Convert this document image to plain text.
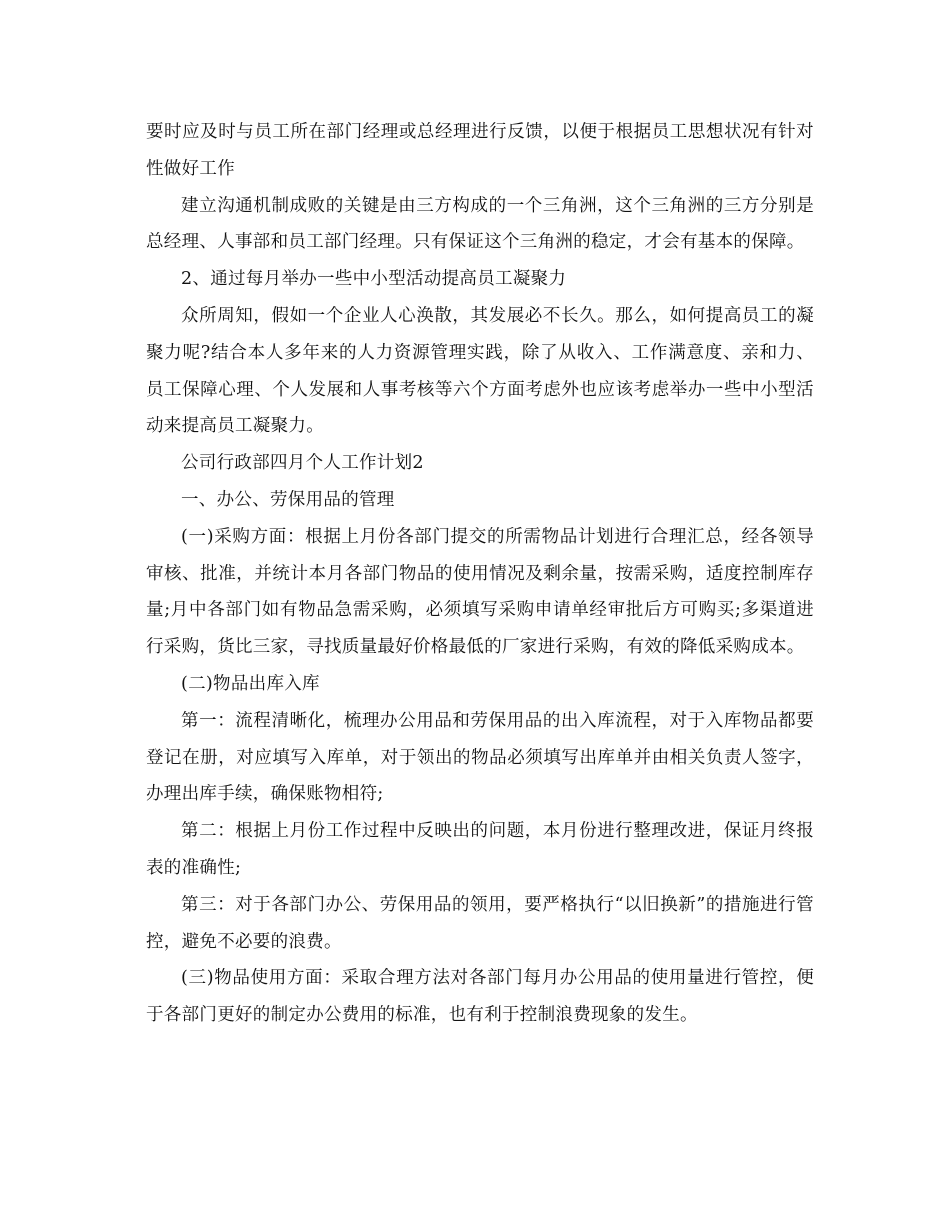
要时应及时与员工所在部门经理或总经理进行反馈，以便于根据员工思想状况有针对性做好工作

建立沟通机制成败的关键是由三方构成的一个三角洲，这个三角洲的三方分别是总经理、人事部和员工部门经理。只有保证这个三角洲的稳定，才会有基本的保障。

2、通过每月举办一些中小型活动提高员工凝聚力

众所周知，假如一个企业人心涣散，其发展必不长久。那么，如何提高员工的凝聚力呢?结合本人多年来的人力资源管理实践，除了从收入、工作满意度、亲和力、员工保障心理、个人发展和人事考核等六个方面考虑外也应该考虑举办一些中小型活动来提高员工凝聚力。

公司行政部四月个人工作计划2

一、办公、劳保用品的管理

(一)采购方面：根据上月份各部门提交的所需物品计划进行合理汇总，经各领导审核、批准，并统计本月各部门物品的使用情况及剩余量，按需采购，适度控制库存量;月中各部门如有物品急需采购，必须填写采购申请单经审批后方可购买;多渠道进行采购，货比三家，寻找质量最好价格最低的厂家进行采购，有效的降低采购成本。

(二)物品出库入库

第一：流程清晰化，梳理办公用品和劳保用品的出入库流程，对于入库物品都要登记在册，对应填写入库单，对于领出的物品必须填写出库单并由相关负责人签字，办理出库手续，确保账物相符;

第二：根据上月份工作过程中反映出的问题，本月份进行整理改进，保证月终报表的准确性;

第三：对于各部门办公、劳保用品的领用，要严格执行“以旧换新”的措施进行管控，避免不必要的浪费。

(三)物品使用方面：采取合理方法对各部门每月办公用品的使用量进行管控，便于各部门更好的制定办公费用的标准，也有利于控制浪费现象的发生。
